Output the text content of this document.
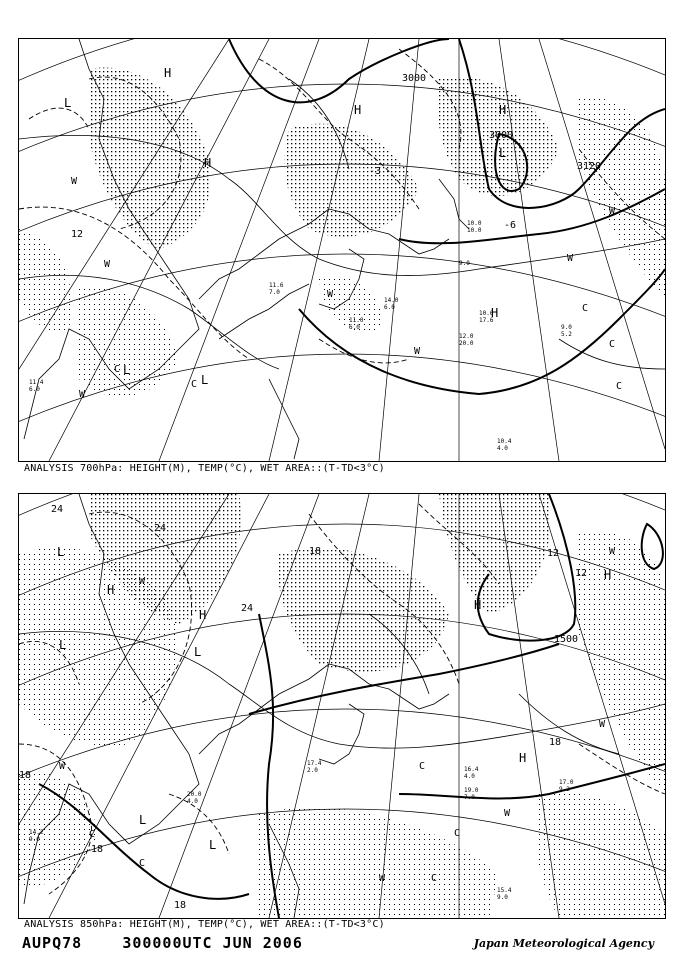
3000
3000
3120
12
-6
-3
H
H	H
L
L
L
L
H
H
W
W
W
W
W
W
W
C
C
C
C
C
10.4
4.0
12.0
20.0
10.6
17.6
9.0
5.2
11.4
6.0
11.6
7.0
11.0
6.0
10.0
10.0
9.0
14.0
6.0
ANALYSIS 700hPa: HEIGHT(M), TEMP(°C), WET AREA::(T-TD<3°C)
1500
24
24
18
18
18
18
18
12
12
24
H
H
H
H
H
L
L
L
L
L
W
W
W
W
W
W	C
C
C
C
C
15.4
9.0
16.4
4.0
17.0
9.2
19.0
7.0
17.4
2.0
20.0
4.0
14.2
9.0
ANALYSIS 850hPa: HEIGHT(M), TEMP(°C), WET AREA::(T-TD<3°C)
AUPQ78	300000UTC JUN 2006	Japan Meteorological Agency
